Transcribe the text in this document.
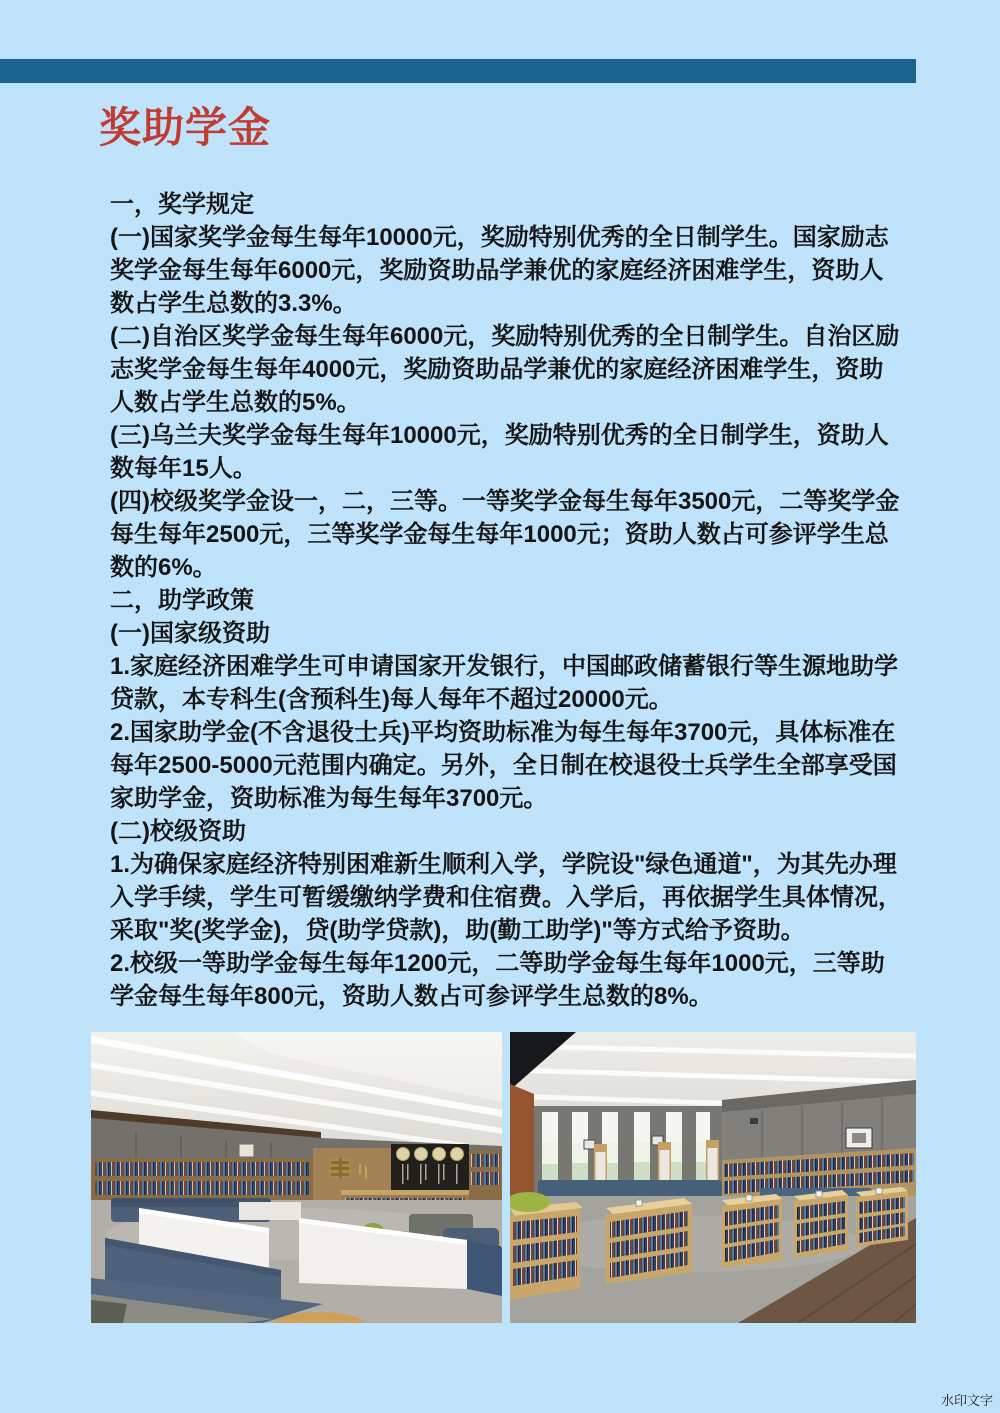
奖助学金

一，奖学规定

(一)国家奖学金每生每年10000元，奖励特别优秀的全日制学生。国家励志奖学金每生每年6000元，奖励资助品学兼优的家庭经济困难学生，资助人数占学生总数的3.3%。

(二)自治区奖学金每生每年6000元，奖励特别优秀的全日制学生。自治区励志奖学金每生每年4000元，奖励资助品学兼优的家庭经济困难学生，资助人数占学生总数的5%。

(三)乌兰夫奖学金每生每年10000元，奖励特别优秀的全日制学生，资助人数每年15人。

(四)校级奖学金设一，二，三等。一等奖学金每生每年3500元，二等奖学金每生每年2500元，三等奖学金每生每年1000元；资助人数占可参评学生总数的6%。

二，助学政策

(一)国家级资助

1.家庭经济困难学生可申请国家开发银行，中国邮政储蓄银行等生源地助学贷款，本专科生(含预科生)每人每年不超过20000元。

2.国家助学金(不含退役士兵)平均资助标准为每生每年3700元，具体标准在每年2500-5000元范围内确定。另外，全日制在校退役士兵学生全部享受国家助学金，资助标准为每生每年3700元。

(二)校级资助

1.为确保家庭经济特别困难新生顺利入学，学院设"绿色通道"，为其先办理入学手续，学生可暂缓缴纳学费和住宿费。入学后，再依据学生具体情况，采取"奖(奖学金)，贷(助学贷款)，助(勤工助学)"等方式给予资助。

2.校级一等助学金每生每年1200元，二等助学金每生每年1000元，三等助学金每生每年800元，资助人数占可参评学生总数的8%。

水印文字
